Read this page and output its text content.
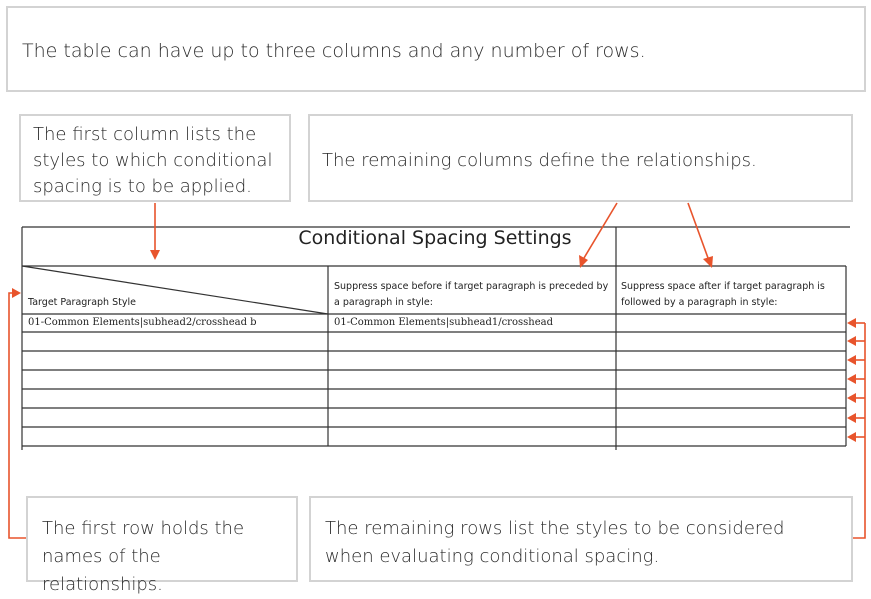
The table can have up to three columns and any number of rows.
The first column lists the styles to which conditional spacing is to be applied.
The remaining columns define the relationships.
The first row holds the names of the relationships.
The remaining rows list the styles to be considered when evaluating conditional spacing.
Conditional Spacing Settings
Target Paragraph Style
Suppress space before if target paragraph is preceded by a paragraph in style:
Suppress space after if target paragraph is followed by a paragraph in style:
01-Common Elements|subhead2/crosshead b	01-Common Elements|subhead1/crosshead
